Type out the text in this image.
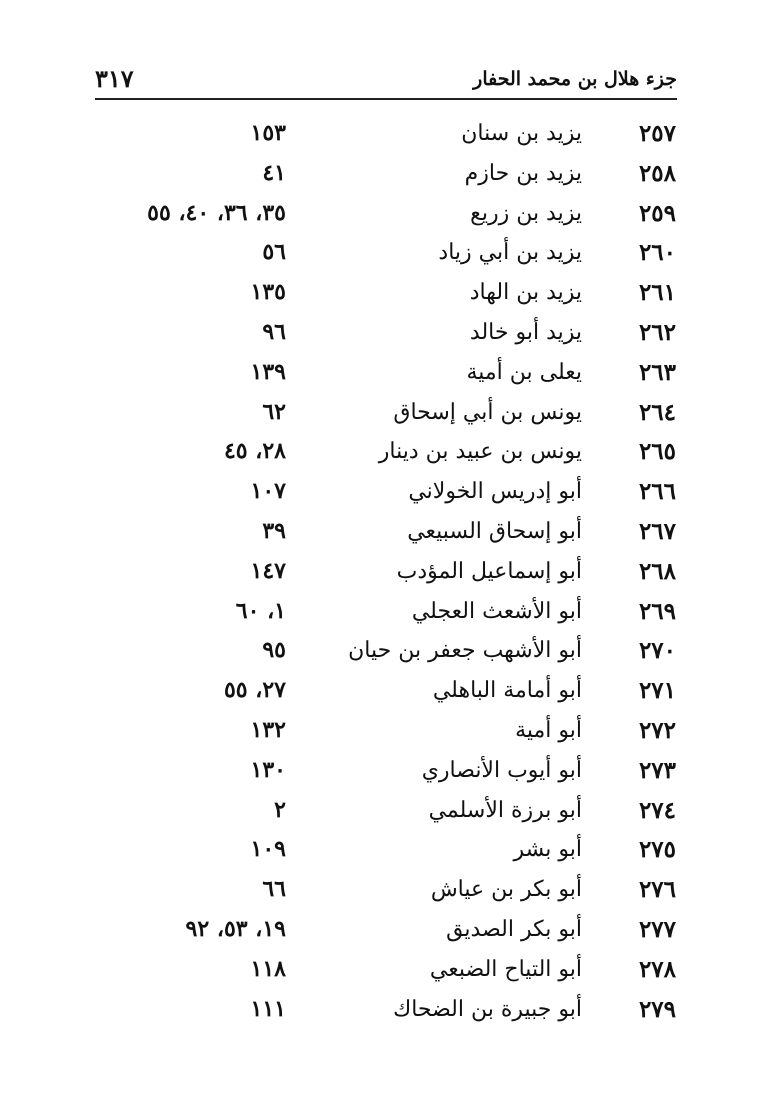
٣١٧	جزء هلال بن محمد الحفار
٢٥٧
يزيد بن سنان
١٥٣
٢٥٨
يزيد بن حازم
٤١
٢٥٩
يزيد بن زريع
٣٥، ٣٦، ٤٠، ٥٥
٢٦٠
يزيد بن أبي زياد
٥٦
٢٦١
يزيد بن الهاد
١٣٥
٢٦٢
يزيد أبو خالد
٩٦
٢٦٣
يعلى بن أمية
١٣٩
٢٦٤
يونس بن أبي إسحاق
٦٢
٢٦٥
يونس بن عبيد بن دينار
٢٨، ٤٥
٢٦٦
أبو إدريس الخولاني
١٠٧
٢٦٧
أبو إسحاق السبيعي
٣٩
٢٦٨
أبو إسماعيل المؤدب
١٤٧
٢٦٩
أبو الأشعث العجلي
١، ٦٠
٢٧٠
أبو الأشهب جعفر بن حيان
٩٥
٢٧١
أبو أمامة الباهلي
٢٧، ٥٥
٢٧٢
أبو أمية
١٣٢
٢٧٣
أبو أيوب الأنصاري
١٣٠
٢٧٤
أبو برزة الأسلمي
٢
٢٧٥
أبو بشر
١٠٩
٢٧٦
أبو بكر بن عياش
٦٦
٢٧٧
أبو بكر الصديق
١٩، ٥٣، ٩٢
٢٧٨
أبو التياح الضبعي
١١٨
٢٧٩
أبو جبيرة بن الضحاك
١١١
